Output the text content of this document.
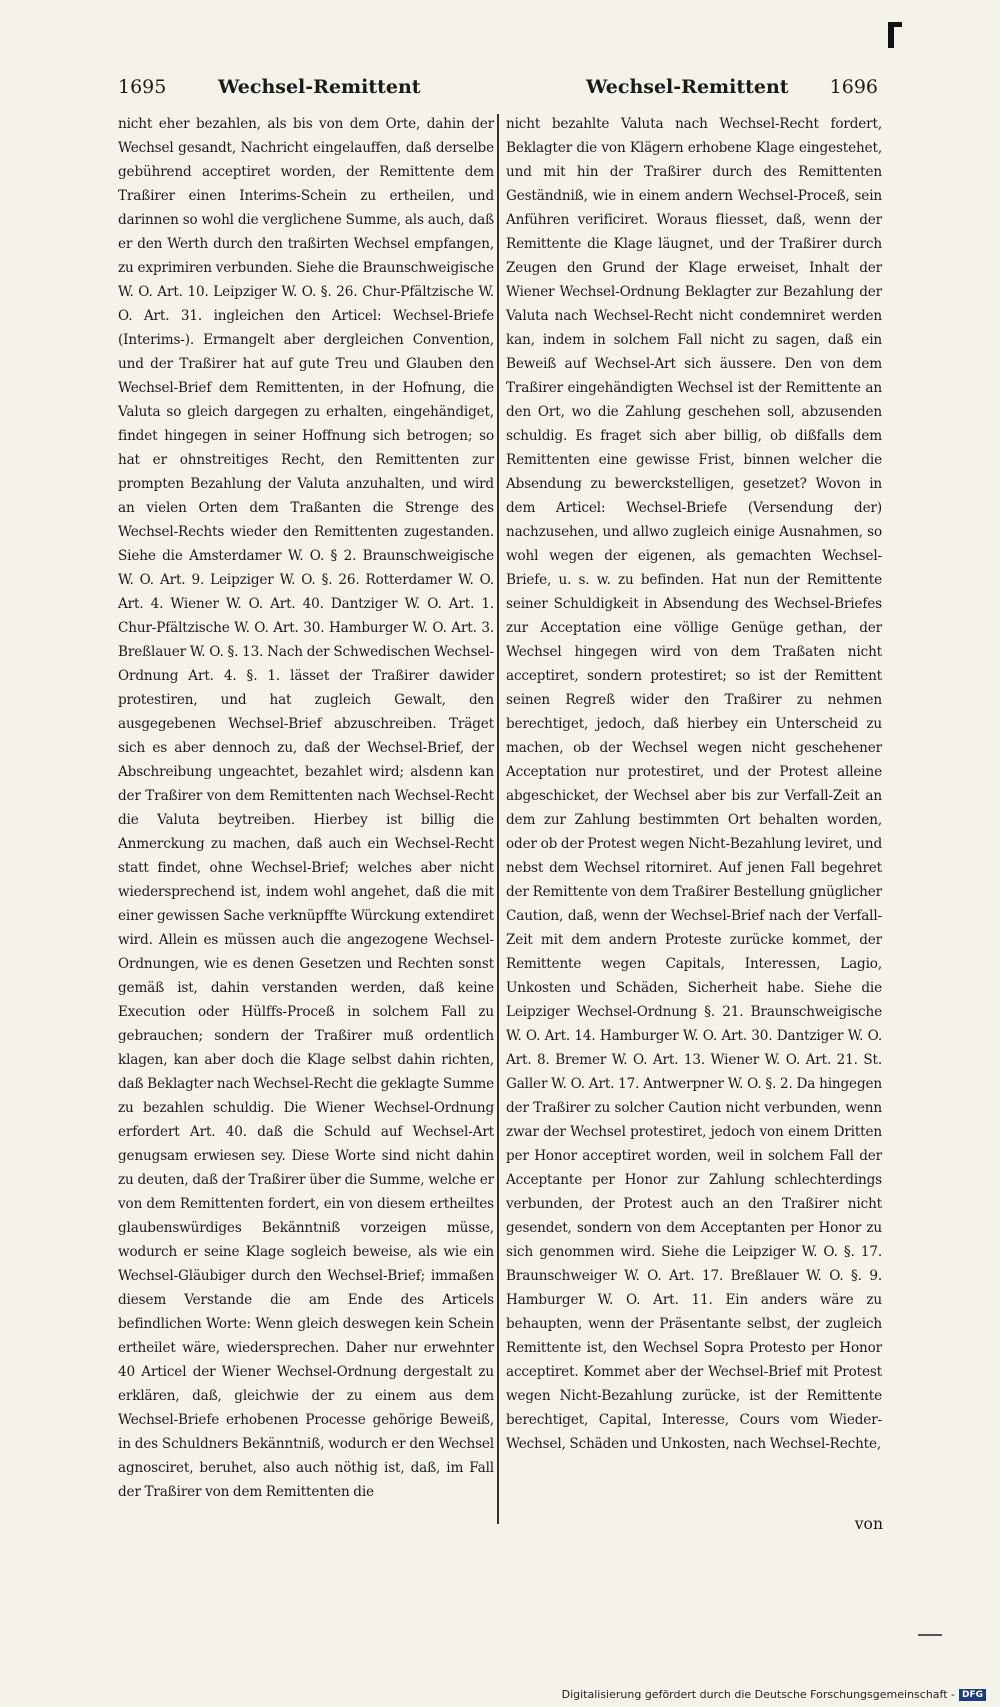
1695	Wechsel-Remittent	Wechsel-Remittent 1696

nicht eher bezahlen, als bis von dem Orte, dahin der Wechsel gesandt, Nachricht eingelauffen, daß derselbe gebührend acceptiret worden, der Remittente dem Traßirer einen Interims-Schein zu ertheilen, und darinnen so wohl die verglichene Summe, als auch, daß er den Werth durch den traßirten Wechsel empfangen, zu exprimiren verbunden. Siehe die Braunschweigische W. O. Art. 10. Leipziger W. O. §. 26. Chur-Pfältzische W. O. Art. 31. ingleichen den Articel: Wechsel-Briefe (Interims-). Ermangelt aber dergleichen Convention, und der Traßirer hat auf gute Treu und Glauben den Wechsel-Brief dem Remittenten, in der Hofnung, die Valuta so gleich dargegen zu erhalten, eingehändiget, findet hingegen in seiner Hoffnung sich betrogen; so hat er ohnstreitiges Recht, den Remittenten zur prompten Bezahlung der Valuta anzuhalten, und wird an vielen Orten dem Traßanten die Strenge des Wechsel-Rechts wieder den Remittenten zugestanden. Siehe die Amsterdamer W. O. § 2. Braunschweigische W. O. Art. 9. Leipziger W. O. §. 26. Rotterdamer W. O. Art. 4. Wiener W. O. Art. 40. Dantziger W. O. Art. 1. Chur-Pfältzische W. O. Art. 30. Hamburger W. O. Art. 3. Breßlauer W. O. §. 13. Nach der Schwedischen Wechsel-Ordnung Art. 4. §. 1. lässet der Traßirer dawider protestiren, und hat zugleich Gewalt, den ausgegebenen Wechsel-Brief abzuschreiben. Träget sich es aber dennoch zu, daß der Wechsel-Brief, der Abschreibung ungeachtet, bezahlet wird; alsdenn kan der Traßirer von dem Remittenten nach Wechsel-Recht die Valuta beytreiben. Hierbey ist billig die Anmerckung zu machen, daß auch ein Wechsel-Recht statt findet, ohne Wechsel-Brief; welches aber nicht wiedersprechend ist, indem wohl angehet, daß die mit einer gewissen Sache verknüpffte Würckung extendiret wird. Allein es müssen auch die angezogene Wechsel-Ordnungen, wie es denen Gesetzen und Rechten sonst gemäß ist, dahin verstanden werden, daß keine Execution oder Hülffs-Proceß in solchem Fall zu gebrauchen; sondern der Traßirer muß ordentlich klagen, kan aber doch die Klage selbst dahin richten, daß Beklagter nach Wechsel-Recht die geklagte Summe zu bezahlen schuldig. Die Wiener Wechsel-Ordnung erfordert Art. 40. daß die Schuld auf Wechsel-Art genugsam erwiesen sey. Diese Worte sind nicht dahin zu deuten, daß der Traßirer über die Summe, welche er von dem Remittenten fordert, ein von diesem ertheiltes glaubenswürdiges Bekänntniß vorzeigen müsse, wodurch er seine Klage sogleich beweise, als wie ein Wechsel-Gläubiger durch den Wechsel-Brief; immaßen diesem Verstande die am Ende des Articels befindlichen Worte: Wenn gleich deswegen kein Schein ertheilet wäre, wiedersprechen. Daher nur erwehnter 40 Articel der Wiener Wechsel-Ordnung dergestalt zu erklären, daß, gleichwie der zu einem aus dem Wechsel-Briefe erhobenen Processe gehörige Beweiß, in des Schuldners Bekänntniß, wodurch er den Wechsel agnosciret, beruhet, also auch nöthig ist, daß, im Fall der Traßirer von dem Remittenten die

nicht bezahlte Valuta nach Wechsel-Recht fordert, Beklagter die von Klägern erhobene Klage eingestehet, und mit hin der Traßirer durch des Remittenten Geständniß, wie in einem andern Wechsel-Proceß, sein Anführen verificiret. Woraus fliesset, daß, wenn der Remittente die Klage läugnet, und der Traßirer durch Zeugen den Grund der Klage erweiset, Inhalt der Wiener Wechsel-Ordnung Beklagter zur Bezahlung der Valuta nach Wechsel-Recht nicht condemniret werden kan, indem in solchem Fall nicht zu sagen, daß ein Beweiß auf Wechsel-Art sich äussere. Den von dem Traßirer eingehändigten Wechsel ist der Remittente an den Ort, wo die Zahlung geschehen soll, abzusenden schuldig. Es fraget sich aber billig, ob dißfalls dem Remittenten eine gewisse Frist, binnen welcher die Absendung zu bewerckstelligen, gesetzet? Wovon in dem Articel: Wechsel-Briefe (Versendung der) nachzusehen, und allwo zugleich einige Ausnahmen, so wohl wegen der eigenen, als gemachten Wechsel-Briefe, u. s. w. zu befinden. Hat nun der Remittente seiner Schuldigkeit in Absendung des Wechsel-Briefes zur Acceptation eine völlige Genüge gethan, der Wechsel hingegen wird von dem Traßaten nicht acceptiret, sondern protestiret; so ist der Remittent seinen Regreß wider den Traßirer zu nehmen berechtiget, jedoch, daß hierbey ein Unterscheid zu machen, ob der Wechsel wegen nicht geschehener Acceptation nur protestiret, und der Protest alleine abgeschicket, der Wechsel aber bis zur Verfall-Zeit an dem zur Zahlung bestimmten Ort behalten worden, oder ob der Protest wegen Nicht-Bezahlung leviret, und nebst dem Wechsel ritorniret. Auf jenen Fall begehret der Remittente von dem Traßirer Bestellung gnüglicher Caution, daß, wenn der Wechsel-Brief nach der Verfall-Zeit mit dem andern Proteste zurücke kommet, der Remittente wegen Capitals, Interessen, Lagio, Unkosten und Schäden, Sicherheit habe. Siehe die Leipziger Wechsel-Ordnung §. 21. Braunschweigische W. O. Art. 14. Hamburger W. O. Art. 30. Dantziger W. O. Art. 8. Bremer W. O. Art. 13. Wiener W. O. Art. 21. St. Galler W. O. Art. 17. Antwerpner W. O. §. 2. Da hingegen der Traßirer zu solcher Caution nicht verbunden, wenn zwar der Wechsel protestiret, jedoch von einem Dritten per Honor acceptiret worden, weil in solchem Fall der Acceptante per Honor zur Zahlung schlechterdings verbunden, der Protest auch an den Traßirer nicht gesendet, sondern von dem Acceptanten per Honor zu sich genommen wird. Siehe die Leipziger W. O. §. 17. Braunschweiger W. O. Art. 17. Breßlauer W. O. §. 9. Hamburger W. O. Art. 11. Ein anders wäre zu behaupten, wenn der Präsentante selbst, der zugleich Remittente ist, den Wechsel Sopra Protesto per Honor acceptiret. Kommet aber der Wechsel-Brief mit Protest wegen Nicht-Bezahlung zurücke, ist der Remittente berechtiget, Capital, Interesse, Cours vom Wieder-Wechsel, Schäden und Unkosten, nach Wechsel-Rechte,

von
Digitalisierung gefördert durch die Deutsche Forschungsgemeinschaft - DFG
